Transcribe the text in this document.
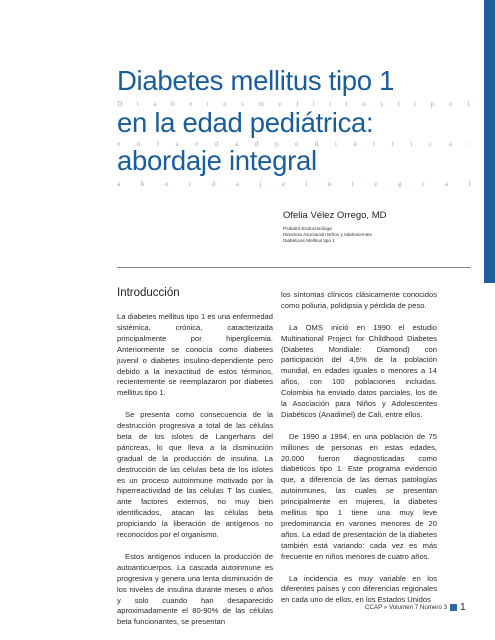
Diabetes mellitus tipo 1
D i a b e t e s m e l l i t u s t i p o 1
en la edad pediátrica:
e n l a e d a d p e d i á t r i c a :
abordaje integral
a b o r d a j e i n t e g r a l
Ofelia Vélez Orrego, MD
Pediatra Endocrinóloga
Directora Asociación Niños y Adolescentes
Diabéticos Mellitus tipo 1
Introducción

La diabetes mellitus tipo 1 es una enfermedad sistémica, crónica, caracterizada principalmente por hiperglicemia. Anteriormente se conocía como diabetes juvenil o diabetes insulino-dependiente pero debido a la inexactitud de estos términos, recientemente se reemplazaron por diabetes mellitus tipo 1.

Se presenta como consecuencia de la destrucción progresiva a total de las células beta de los islotes de Langerhans del páncreas, lo que lleva a la disminución gradual de la producción de insulina. La destrucción de las células beta de los islotes es un proceso autoinmune motivado por la hiperreactividad de las células T las cuales, ante factores externos, no muy bien identificados, atacan las células beta propiciando la liberación de antígenos no reconocidos por el organismo.

Estos antígenos inducen la producción de autoanticuerpos. La cascada autoinmune es progresiva y genera una lenta disminución de los niveles de insulina durante meses o años y solo cuando han desaparecido aproximadamente el 80-90% de las células beta funcionantes, se presentan

los síntomas clínicos clásicamente conocidos como poliuria, polidipsia y pérdida de peso.

La OMS inició en 1990 el estudio Multinational Project for Childhood Diabetes (Diabetes Mondiale: Diamond) con participación del 4,5% de la población mundial, en edades iguales o menores a 14 años, con 100 poblaciones incluidas. Colombia ha enviado datos parciales, los de la Asociación para Niños y Adolescentes Diabéticos (Anadimel) de Cali, entre ellos.

De 1990 a 1994, en una población de 75 millones de personas en estas edades, 20.000 fueron diagnosticadas como diabéticos tipo 1. Este programa evidenció que, a diferencia de las demas patologías autoinmunes, las cuales se presentan principalmente en mujeres, la diabetes mellitus tipo 1 tiene una muy leve predominancia en varones menores de 20 años. La edad de presentación de la diabetes también está variando: cada vez es más frecuente en niños menores de cuatro años.

La incidencia es muy variable en los diferentes países y con diferencias regionales en cada uno de ellos, en los Estados Unidos

CCAP » Volumen 7 Número 3 1
